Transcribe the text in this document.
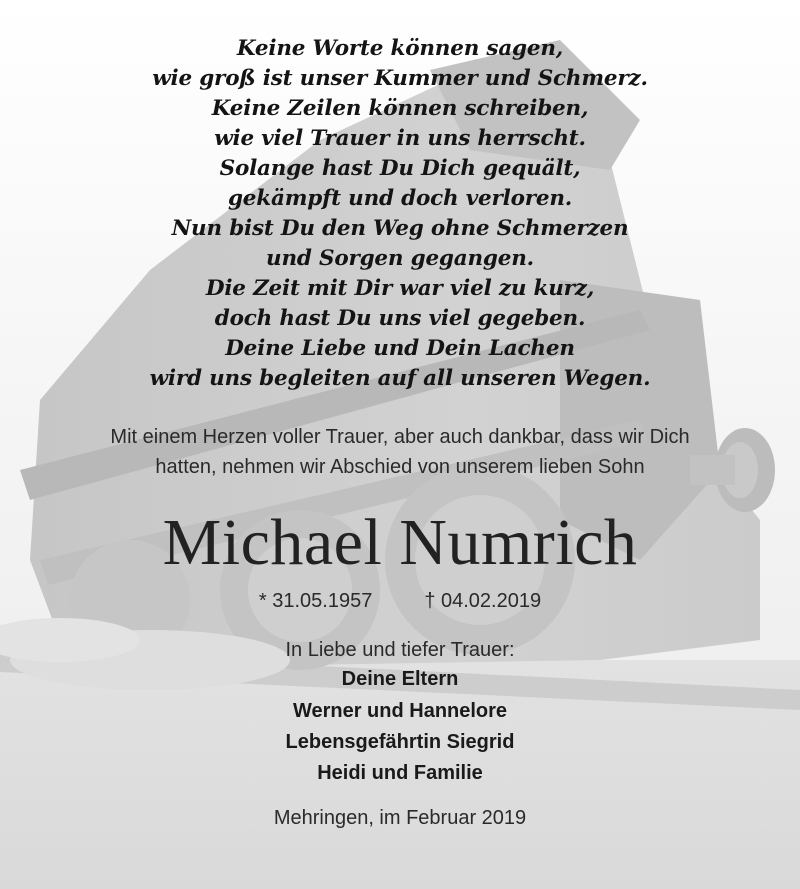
Keine Worte können sagen,
wie groß ist unser Kummer und Schmerz.
Keine Zeilen können schreiben,
wie viel Trauer in uns herrscht.
Solange hast Du Dich gequält,
gekämpft und doch verloren.
Nun bist Du den Weg ohne Schmerzen
und Sorgen gegangen.
Die Zeit mit Dir war viel zu kurz,
doch hast Du uns viel gegeben.
Deine Liebe und Dein Lachen
wird uns begleiten auf all unseren Wegen.
Mit einem Herzen voller Trauer, aber auch dankbar, dass wir Dich
hatten, nehmen wir Abschied von unserem lieben Sohn
Michael Numrich
* 31.05.1957	† 04.02.2019
In Liebe und tiefer Trauer:
Deine Eltern
Werner und Hannelore
Lebensgefährtin Siegrid
Heidi und Familie
Mehringen, im Februar 2019
